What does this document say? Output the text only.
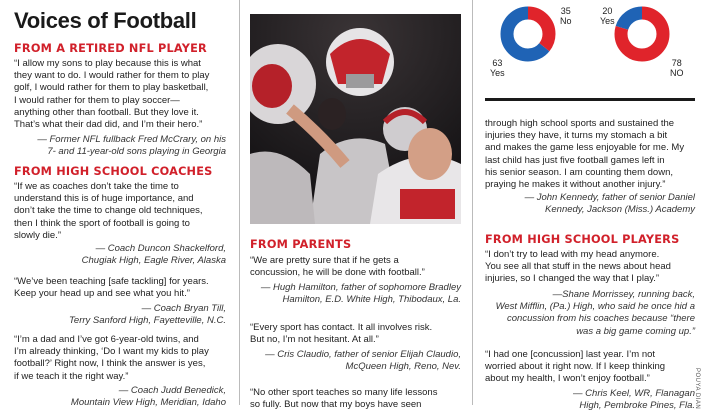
Voices of Football
FROM A RETIRED NFL PLAYER
“I allow my sons to play because this is what
they want to do. I would rather for them to play
golf, I would rather for them to play basketball,
I would rather for them to play soccer—
anything other than football. But they love it.
That’s what their dad did, and I’m their hero.”
— Former NFL fullback Fred McCrary, on his
7- and 11-year-old sons playing in Georgia
FROM HIGH SCHOOL COACHES
“If we as coaches don’t take the time to
understand this is of huge importance, and
don’t take the time to change old techniques,
then I think the sport of football is going to
slowly die.”
— Coach Duncon Shackelford,
Chugiak High, Eagle River, Alaska
“We’ve been teaching [safe tackling] for years.
Keep your head up and see what you hit.”
— Coach Bryan Till,
Terry Sanford High, Fayetteville, N.C.
“I’m a dad and I’ve got 6-year-old twins, and
I’m already thinking, ‘Do I want my kids to play
football?’ Right now, I think the answer is yes,
if we teach it the right way.”
— Coach Judd Benedick,
Mountain View High, Meridian, Idaho
FROM PARENTS
“We are pretty sure that if he gets a
concussion, he will be done with football.”
— Hugh Hamilton, father of sophomore Bradley
Hamilton, E.D. White High, Thibodaux, La.
“Every sport has contact. It all involves risk.
But no, I’m not hesitant. At all.”
— Cris Claudio, father of senior Elijah Claudio,
McQueen High, Reno, Nev.
“No other sport teaches so many life lessons
so fully. But now that my boys have seen
35
No
63
Yes
20
Yes
78
NO
through high school sports and sustained the
injuries they have, it turns my stomach a bit
and makes the game less enjoyable for me. My
last child has just five football games left in
his senior season. I am counting them down,
praying he makes it without another injury.”
— John Kennedy, father of senior Daniel
Kennedy, Jackson (Miss.) Academy
FROM HIGH SCHOOL PLAYERS
“I don’t try to lead with my head anymore.
You see all that stuff in the news about head
injuries, so I changed the way that I play.”
—Shane Morrissey, running back,
West Mifflin, (Pa.) High, who said he once hid a
concussion from his coaches because “there
was a big game coming up.”
“I had one [concussion] last year. I’m not
worried about it right now. If I keep thinking
about my health, I won’t enjoy football.”
— Chris Keel, WR, Flanagan
High, Pembroke Pines, Fla. POUYA DIAN
